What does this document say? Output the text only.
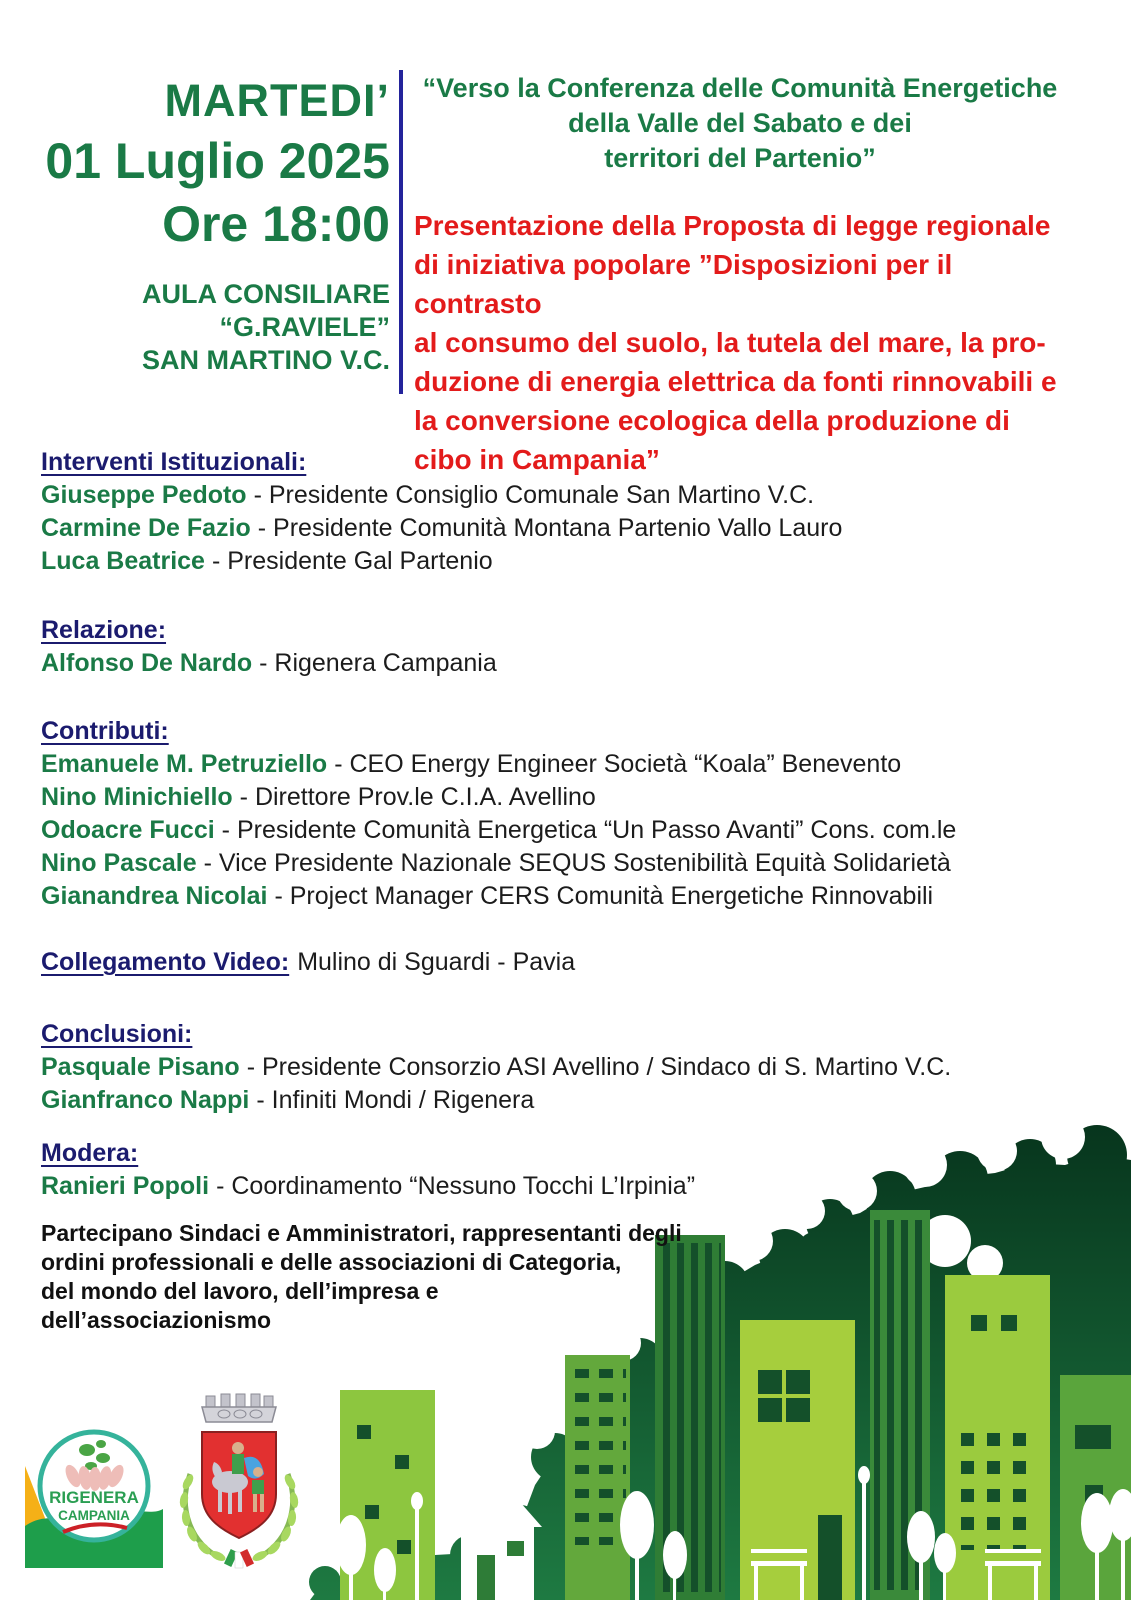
MARTEDI’
01 Luglio 2025
Ore 18:00
AULA CONSILIARE
“G.RAVIELE”
SAN MARTINO V.C.
“Verso la Conferenza delle Comunità Energetiche
della Valle del Sabato e dei
territori del Partenio”
Presentazione della Proposta di legge regionale
di iniziativa popolare ”Disposizioni per il contrasto
al consumo del suolo, la tutela del mare, la pro-
duzione di energia elettrica da fonti rinnovabili e
la conversione ecologica della produzione di
cibo in Campania”
Interventi Istituzionali:
Giuseppe Pedoto - Presidente Consiglio Comunale San Martino V.C.
Carmine De Fazio - Presidente Comunità Montana Partenio Vallo Lauro
Luca Beatrice - Presidente Gal Partenio
Relazione:
Alfonso De Nardo - Rigenera Campania
Contributi:
Emanuele M. Petruziello - CEO Energy Engineer Società “Koala” Benevento
Nino Minichiello - Direttore Prov.le C.I.A. Avellino
Odoacre Fucci - Presidente Comunità Energetica “Un Passo Avanti” Cons. com.le
Nino Pascale - Vice Presidente Nazionale SEQUS Sostenibilità Equità Solidarietà
Gianandrea Nicolai - Project Manager CERS Comunità Energetiche Rinnovabili
Collegamento Video: Mulino di Sguardi - Pavia
Conclusioni:
Pasquale Pisano - Presidente Consorzio ASI Avellino / Sindaco di S. Martino V.C.
Gianfranco Nappi - Infiniti Mondi / Rigenera
Modera:
Ranieri Popoli - Coordinamento “Nessuno Tocchi L’Irpinia”
Partecipano Sindaci e Amministratori, rappresentanti degli
ordini professionali e delle associazioni di Categoria,
del mondo del lavoro, dell’impresa e
dell’associazionismo
RIGENERA
CAMPANIA
